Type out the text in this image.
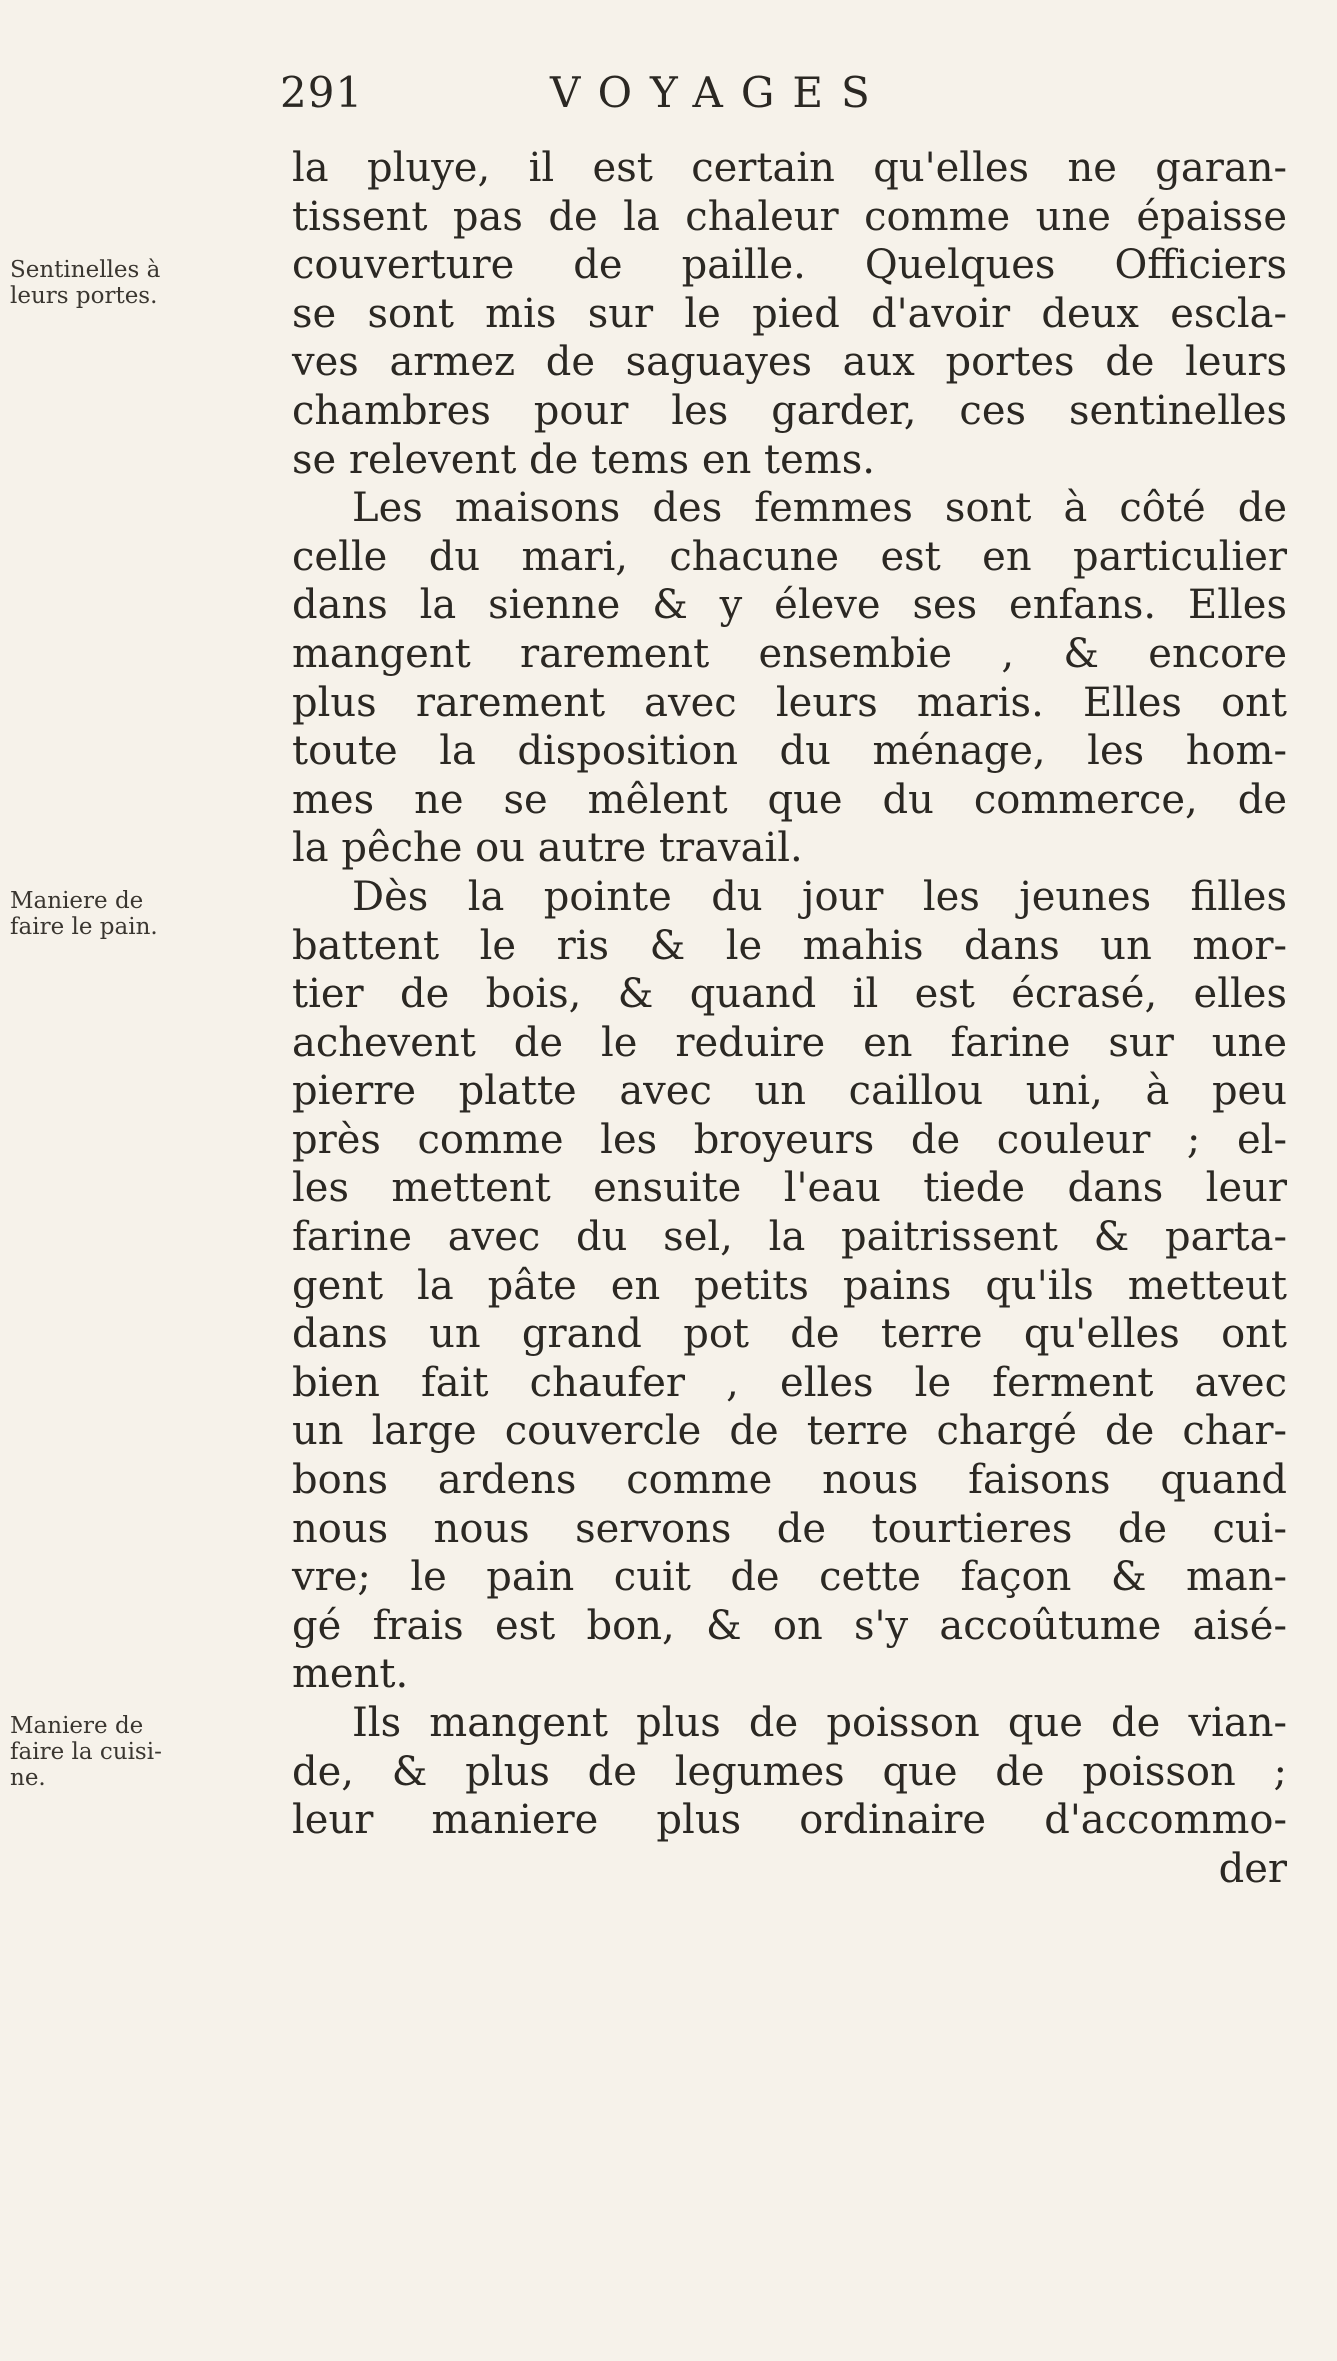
291	VOYAGES
Sentinelles à
leurs portes.
Maniere de
faire le pain.
Maniere de
faire la cuisi-
ne.
la pluye, il est certain qu'elles ne garan-
tissent pas de la chaleur comme une épaisse
couverture de paille. Quelques Officiers
se sont mis sur le pied d'avoir deux escla-
ves armez de saguayes aux portes de leurs
chambres pour les garder, ces sentinelles
se relevent de tems en tems.
Les maisons des femmes sont à côté de
celle du mari, chacune est en particulier
dans la sienne & y éleve ses enfans. Elles
mangent rarement ensembie , & encore
plus rarement avec leurs maris. Elles ont
toute la disposition du ménage, les hom-
mes ne se mêlent que du commerce, de
la pêche ou autre travail.
Dès la pointe du jour les jeunes filles
battent le ris & le mahis dans un mor-
tier de bois, & quand il est écrasé, elles
achevent de le reduire en farine sur une
pierre platte avec un caillou uni, à peu
près comme les broyeurs de couleur ; el-
les mettent ensuite l'eau tiede dans leur
farine avec du sel, la paitrissent & parta-
gent la pâte en petits pains qu'ils metteut
dans un grand pot de terre qu'elles ont
bien fait chaufer , elles le ferment avec
un large couvercle de terre chargé de char-
bons ardens comme nous faisons quand
nous nous servons de tourtieres de cui-
vre; le pain cuit de cette façon & man-
gé frais est bon, & on s'y accoûtume aisé-
ment.
Ils mangent plus de poisson que de vian-
de, & plus de legumes que de poisson ;
leur maniere plus ordinaire d'accommo-
der
